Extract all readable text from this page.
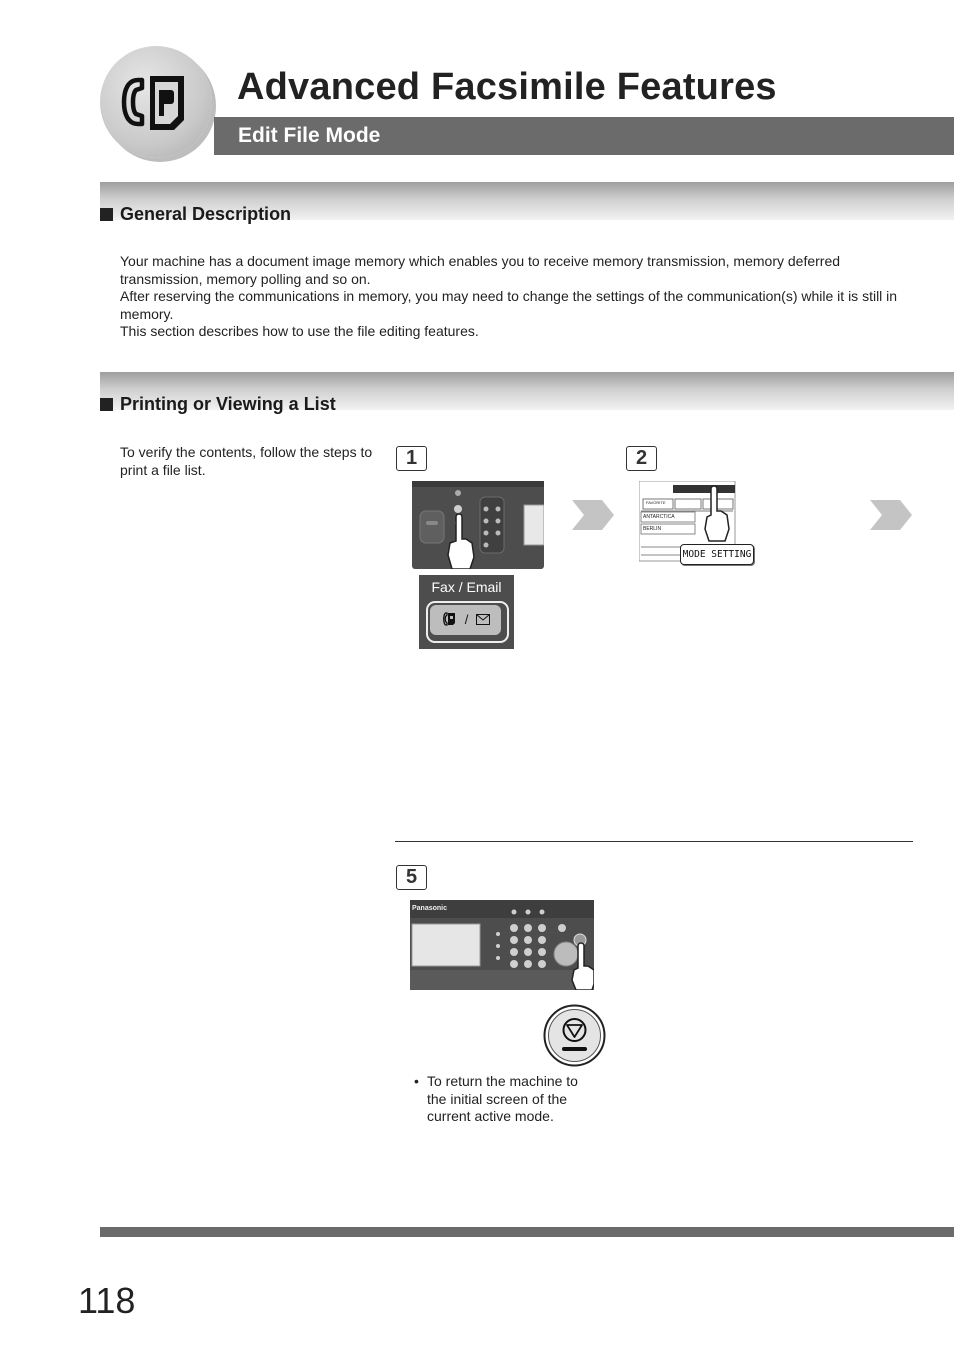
Advanced Facsimile Features
Edit File Mode
General Description

Your machine has a document image memory which enables you to receive memory transmission, memory deferred transmission, memory polling and so on.

After reserving the communications in memory, you may need to change the settings of the communication(s) while it is still in memory.

This section describes how to use the file editing features.

Printing or Viewing a List
To verify the contents, follow the steps to print a file list.
1
Fax / Email
/
2
FAVORITE
ANTARCTICA
BERLIN
MODE SETTING
5
Panasonic
• To return the machine to the initial screen of the current active mode.
118
